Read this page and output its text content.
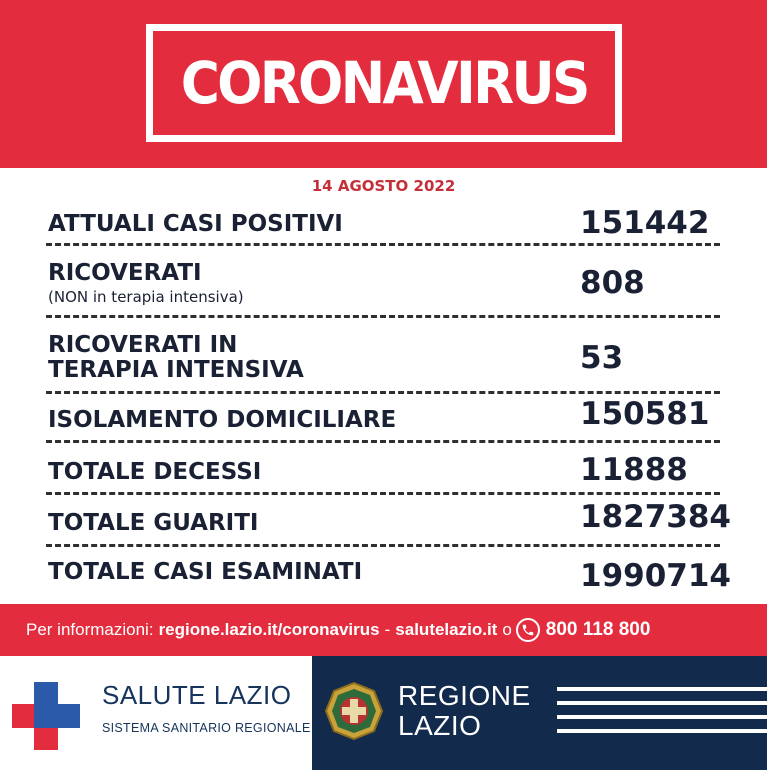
CORONAVIRUS
14 AGOSTO 2022
ATTUALI CASI POSITIVI	151442
RICOVERATI
(NON in terapia intensiva)	808
RICOVERATI IN
TERAPIA INTENSIVA	53
ISOLAMENTO DOMICILIARE	150581
TOTALE DECESSI	11888
TOTALE GUARITI	1827384
TOTALE CASI ESAMINATI	1990714
Per informazioni: regione.lazio.it/coronavirus - salutelazio.it o 800 118 800
SALUTE LAZIO
SISTEMA SANITARIO REGIONALE
REGIONE
LAZIO
